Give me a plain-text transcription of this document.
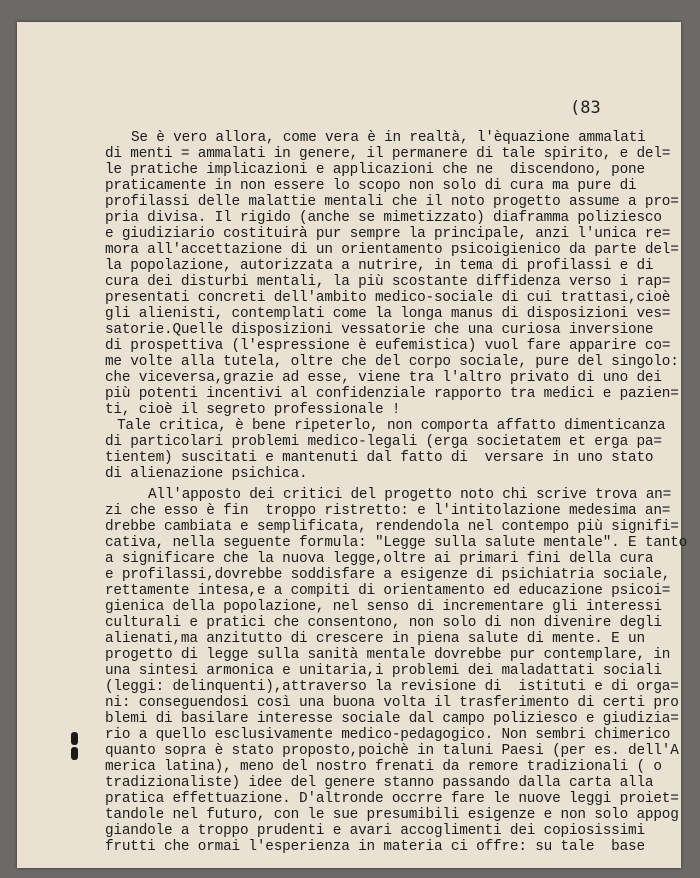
(83
Se è vero allora, come vera è in realtà, l'èquazione ammalati
di menti = ammalati in genere, il permanere di tale spirito, e del=
le pratiche implicazioni e applicazioni che ne  discendono, pone
praticamente in non essere lo scopo non solo di cura ma pure di
profilassi delle malattie mentali che il noto progetto assume a pro=
pria divisa. Il rigido (anche se mimetizzato) diaframma poliziesco
e giudiziario costituirà pur sempre la principale, anzi l'unica re=
mora all'accettazione di un orientamento psicoigienico da parte del=
la popolazione, autorizzata a nutrire, in tema di profilassi e di
cura dei disturbi mentali, la più scostante diffidenza verso i rap=
presentati concreti dell'ambito medico-sociale di cui trattasi,cioè
gli alienisti, contemplati come la longa manus di disposizioni ves=
satorie.Quelle disposizioni vessatorie che una curiosa inversione
di prospettiva (l'espressione è eufemistica) vuol fare apparire co=
me volte alla tutela, oltre che del corpo sociale, pure del singolo:
che viceversa,grazie ad esse, viene tra l'altro privato di uno dei
più potenti incentivi al confidenziale rapporto tra medici e pazien=
ti, cioè il segreto professionale !
Tale critica, è bene ripeterlo, non comporta affatto dimenticanza
di particolari problemi medico-legali (erga societatem et erga pa=
tientem) suscitati e mantenuti dal fatto di  versare in uno stato
di alienazione psichica.
All'apposto dei critici del progetto noto chi scrive trova an=
zi che esso è fin  troppo ristretto: e l'intitolazione medesima an=
drebbe cambiata e semplificata, rendendola nel contempo più signifi=
cativa, nella seguente formula: "Legge sulla salute mentale". E tanto
a significare che la nuova legge,oltre ai primari fini della cura
e profilassi,dovrebbe soddisfare a esigenze di psichiatria sociale,
rettamente intesa,e a compiti di orientamento ed educazione psicoi=
gienica della popolazione, nel senso di incrementare gli interessi
culturali e pratici che consentono, non solo di non divenire degli
alienati,ma anzitutto di crescere in piena salute di mente. E un
progetto di legge sulla sanità mentale dovrebbe pur contemplare, in
una sintesi armonica e unitaria,i problemi dei maladattati sociali
(leggi: delinquenti),attraverso la revisione di  istituti e di orga=
ni: conseguendosi così una buona volta il trasferimento di certi pro
blemi di basilare interesse sociale dal campo poliziesco e giudizia=
rio a quello esclusivamente medico-pedagogico. Non sembri chimerico
quanto sopra è stato proposto,poichè in taluni Paesi (per es. dell'A
merica latina), meno del nostro frenati da remore tradizionali ( o
tradizionaliste) idee del genere stanno passando dalla carta alla
pratica effettuazione. D'altronde occrre fare le nuove leggi proiet=
tandole nel futuro, con le sue presumibili esigenze e non solo appog
giandole a troppo prudenti e avari accoglimenti dei copiosissimi
frutti che ormai l'esperienza in materia ci offre: su tale  base
